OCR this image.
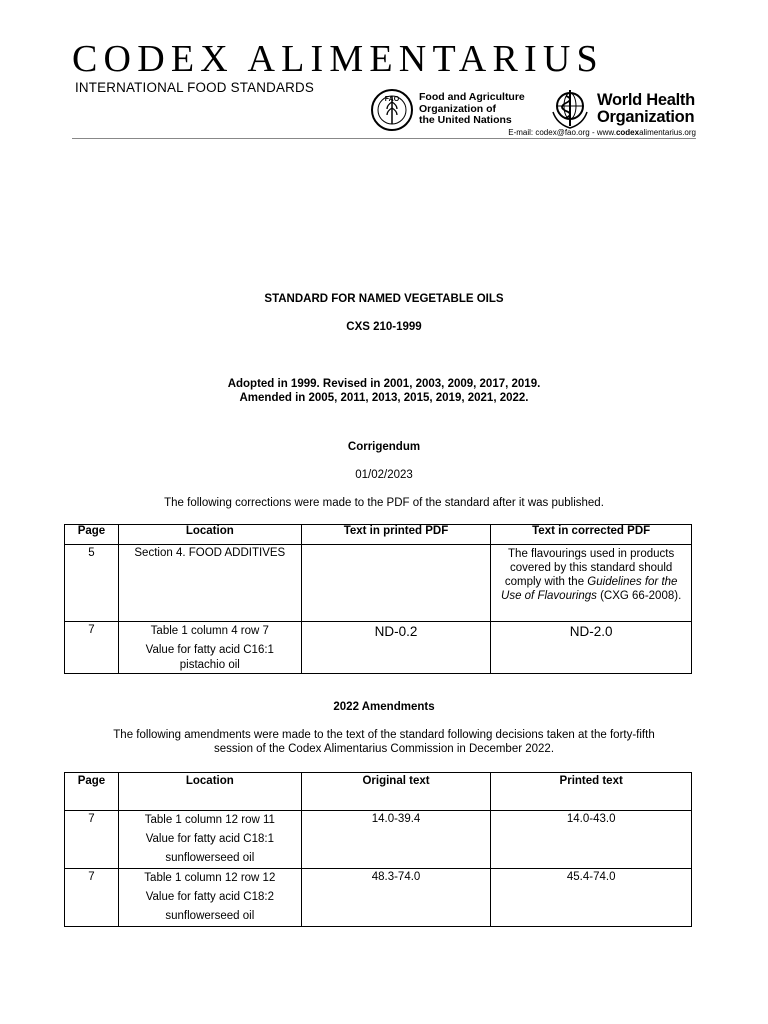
CODEX ALIMENTARIUS
INTERNATIONAL FOOD STANDARDS
FAO Food and Agriculture
Organization of
the United Nations
World Health
Organization
E-mail: codex@fao.org - www.codexalimentarius.org
STANDARD FOR NAMED VEGETABLE OILS
CXS 210-1999
Adopted in 1999. Revised in 2001, 2003, 2009, 2017, 2019.
Amended in 2005, 2011, 2013, 2015, 2019, 2021, 2022.
Corrigendum
01/02/2023
The following corrections were made to the PDF of the standard after it was published.
Page	Location	Text in printed PDF	Text in corrected PDF
5	Section 4. FOOD ADDITIVES		The flavourings used in products covered by this standard should comply with the Guidelines for the Use of Flavourings (CXG 66-2008).
7	Table 1 column 4 row 7
Value for fatty acid C16:1
pistachio oil	ND-0.2	ND-2.0
2022 Amendments
The following amendments were made to the text of the standard following decisions taken at the forty-fifth
session of the Codex Alimentarius Commission in December 2022.
Page	Location	Original text	Printed text
7	Table 1 column 12 row 11
Value for fatty acid C18:1
sunflowerseed oil	14.0-39.4	14.0-43.0
7	Table 1 column 12 row 12
Value for fatty acid C18:2
sunflowerseed oil	48.3-74.0	45.4-74.0
